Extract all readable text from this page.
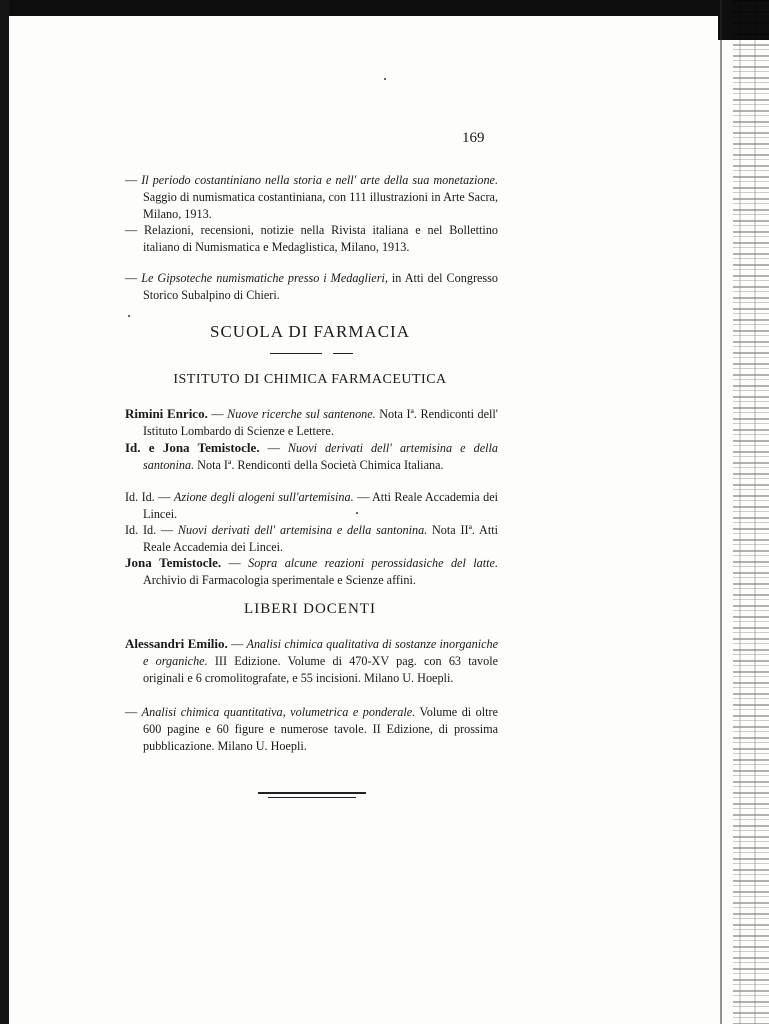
169
— Il periodo costantiniano nella storia e nell' arte della sua monetazione. Saggio di numismatica costantiniana, con 111 illustrazioni in Arte Sacra, Milano, 1913.
— Relazioni, recensioni, notizie nella Rivista italiana e nel Bollettino italiano di Numismatica e Medaglistica, Milano, 1913.
— Le Gipsoteche numismatiche presso i Medaglieri, in Atti del Congresso Storico Subalpino di Chieri.
SCUOLA DI FARMACIA
ISTITUTO DI CHIMICA FARMACEUTICA
Rimini Enrico. — Nuove ricerche sul santenone. Nota Iª. Rendiconti dell' Istituto Lombardo di Scienze e Lettere.
Id. e Jona Temistocle. — Nuovi derivati dell' artemisina e della santonina. Nota Iª. Rendiconti della Società Chimica Italiana.
Id. Id. — Azione degli alogeni sull'artemisina. — Atti Reale Accademia dei Lincei.
Id. Id. — Nuovi derivati dell' artemisina e della santonina. Nota IIª. Atti Reale Accademia dei Lincei.
Jona Temistocle. — Sopra alcune reazioni perossidasiche del latte. Archivio di Farmacologia sperimentale e Scienze affini.
LIBERI DOCENTI
Alessandri Emilio. — Analisi chimica qualitativa di sostanze inorganiche e organiche. III Edizione. Volume di 470-XV pag. con 63 tavole originali e 6 cromolitografate, e 55 incisioni. Milano U. Hoepli.
— Analisi chimica quantitativa, volumetrica e ponderale. Volume di oltre 600 pagine e 60 figure e numerose tavole. II Edizione, di prossima pubblicazione. Milano U. Hoepli.
